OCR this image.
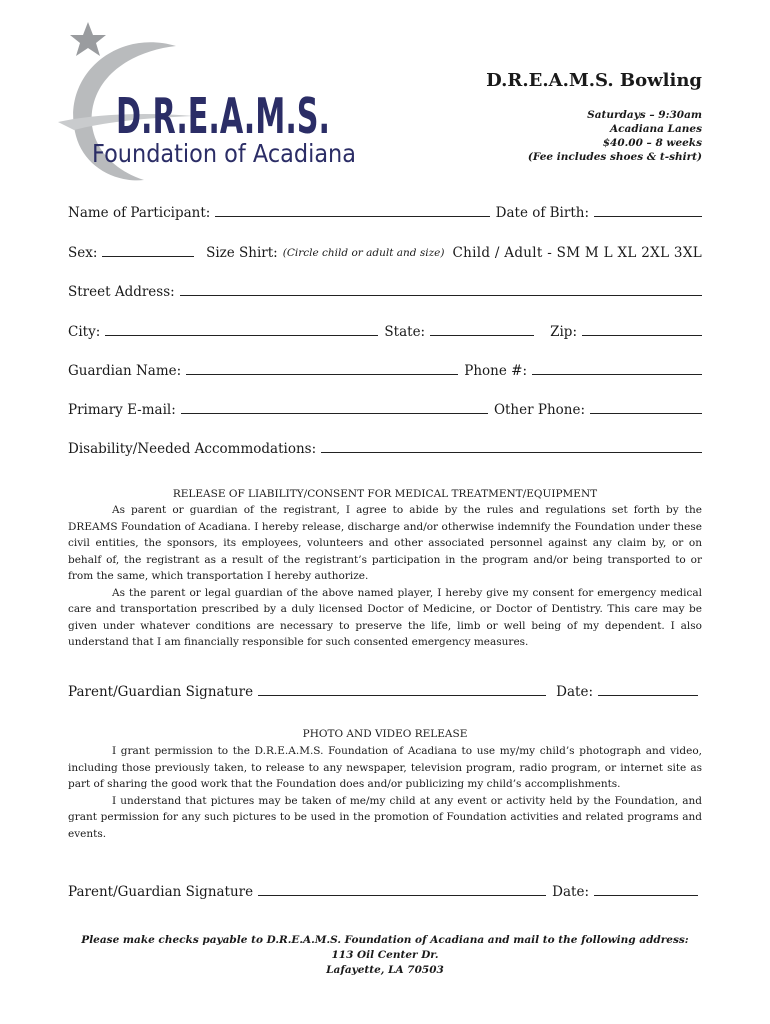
D.R.E.A.M.S.
Foundation of Acadiana
D.R.E.A.M.S. Bowling
Saturdays – 9:30am
Acadiana Lanes
$40.00 – 8 weeks
(Fee includes shoes & t-shirt)
Name of Participant:	Date of Birth:
Sex:	Size Shirt: (Circle child or adult and size) Child / Adult - SM M L XL 2XL 3XL
Street Address:
City:	State:	Zip:
Guardian Name:	Phone #:
Primary E-mail:	Other Phone:
Disability/Needed Accommodations:
RELEASE OF LIABILITY/CONSENT FOR MEDICAL TREATMENT/EQUIPMENT

As parent or guardian of the registrant, I agree to abide by the rules and regulations set forth by the DREAMS Foundation of Acadiana. I hereby release, discharge and/or otherwise indemnify the Foundation under these civil entities, the sponsors, its employees, volunteers and other associated personnel against any claim by, or on behalf of, the registrant as a result of the registrant’s participation in the program and/or being transported to or from the same, which transportation I hereby authorize.

As the parent or legal guardian of the above named player, I hereby give my consent for emergency medical care and transportation prescribed by a duly licensed Doctor of Medicine, or Doctor of Dentistry. This care may be given under whatever conditions are necessary to preserve the life, limb or well being of my dependent. I also understand that I am financially responsible for such consented emergency measures.

Parent/Guardian Signature	Date:
PHOTO AND VIDEO RELEASE

I grant permission to the D.R.E.A.M.S. Foundation of Acadiana to use my/my child’s photograph and video, including those previously taken, to release to any newspaper, television program, radio program, or internet site as part of sharing the good work that the Foundation does and/or publicizing my child’s accomplishments.

I understand that pictures may be taken of me/my child at any event or activity held by the Foundation, and grant permission for any such pictures to be used in the promotion of Foundation activities and related programs and events.

Parent/Guardian Signature	Date:
Please make checks payable to D.R.E.A.M.S. Foundation of Acadiana and mail to the following address:
113 Oil Center Dr.
Lafayette, LA 70503
